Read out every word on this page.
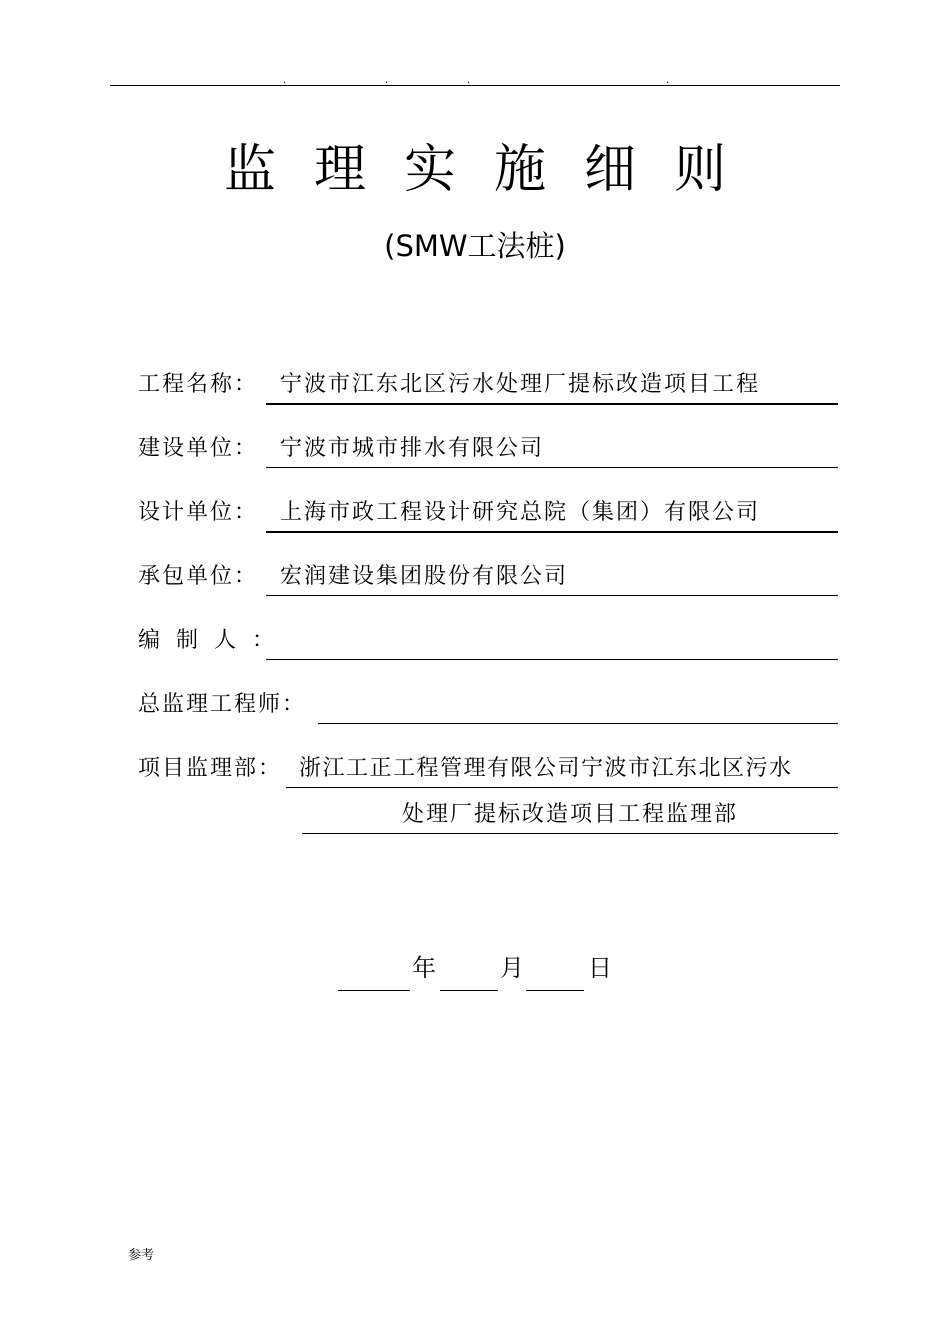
.	.	.	.
监理实施细则
(SMW工法桩)
工程名称： 宁波市江东北区污水处理厂提标改造项目工程
建设单位： 宁波市城市排水有限公司
设计单位： 上海市政工程设计研究总院（集团）有限公司
承包单位： 宏润建设集团股份有限公司
编制人：
总监理工程师：
项目监理部： 浙江工正工程管理有限公司宁波市江东北区污水
处理厂提标改造项目工程监理部
年	月	日
参考
